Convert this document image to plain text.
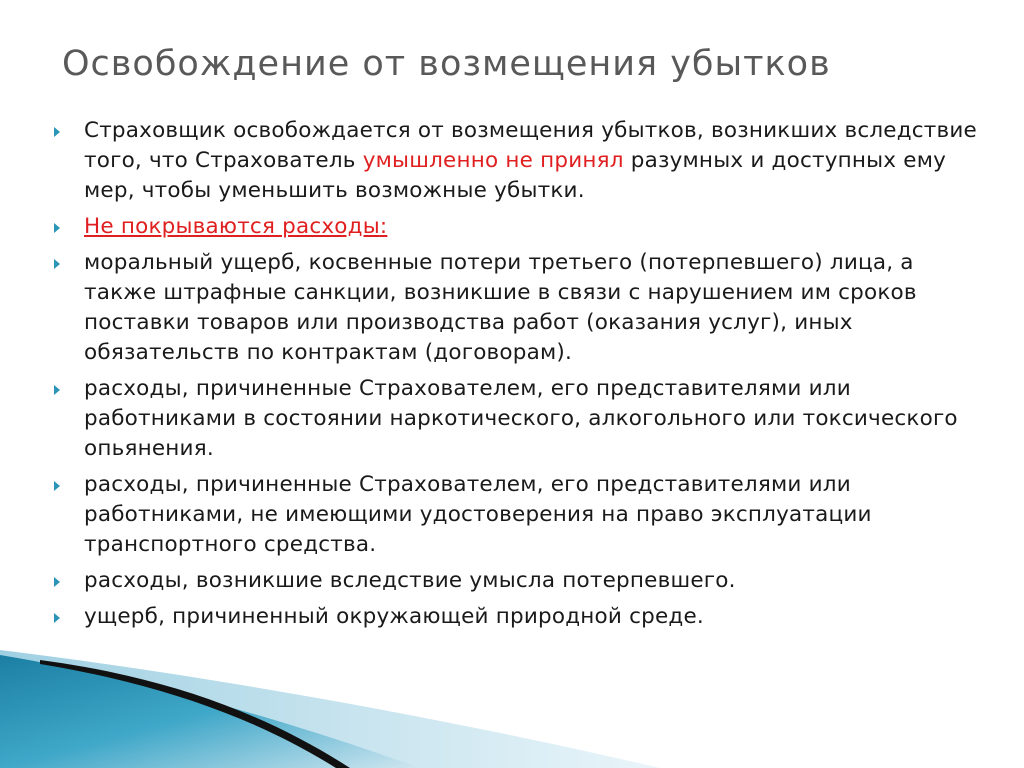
Освобождение от возмещения убытков
Страховщик освобождается от возмещения убытков, возникших вследствие того, что Страхователь умышленно не принял разумных и доступных ему мер, чтобы уменьшить возможные убытки.
Не покрываются расходы:
моральный ущерб, косвенные потери третьего (потерпевшего) лица, а также штрафные санкции, возникшие в связи с нарушением им сроков поставки товаров или производства работ (оказания услуг), иных обязательств по контрактам (договорам).
расходы, причиненные Страхователем, его представителями или работниками в состоянии наркотического, алкогольного или токсического опьянения.
расходы, причиненные Страхователем, его представителями или работниками, не имеющими удостоверения на право эксплуатации транспортного средства.
расходы, возникшие вследствие умысла потерпевшего.
ущерб, причиненный окружающей природной среде.
